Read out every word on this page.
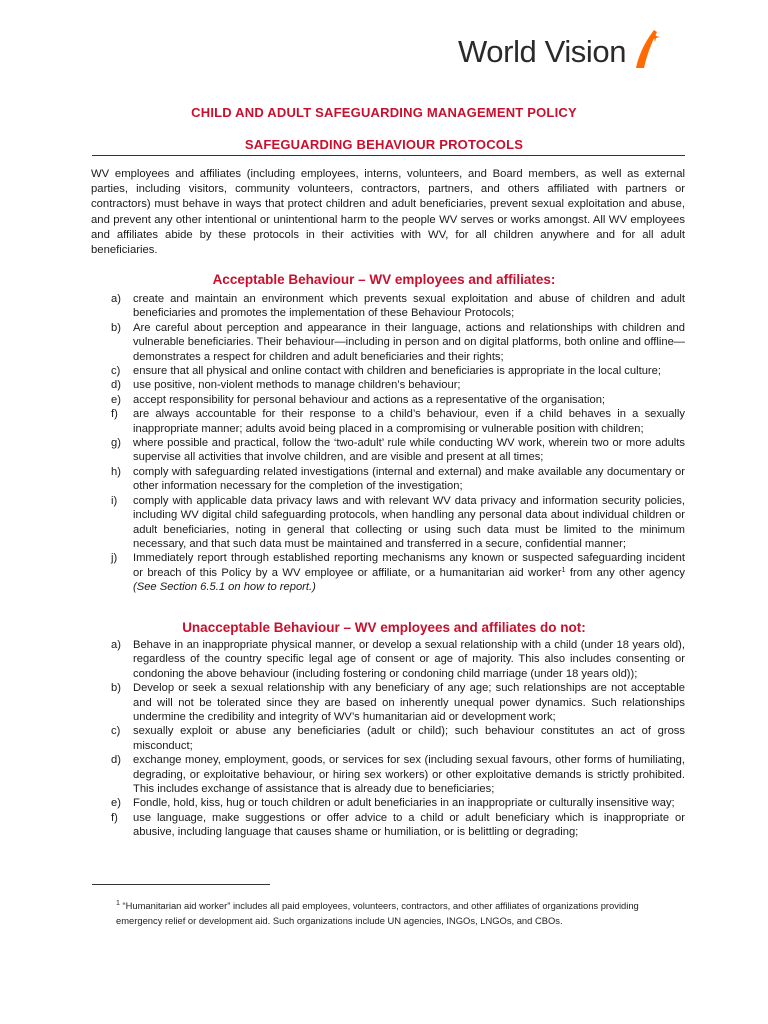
World Vision
CHILD AND ADULT SAFEGUARDING MANAGEMENT POLICY
SAFEGUARDING BEHAVIOUR PROTOCOLS

WV employees and affiliates (including employees, interns, volunteers, and Board members, as well as external parties, including visitors, community volunteers, contractors, partners, and others affiliated with partners or contractors) must behave in ways that protect children and adult beneficiaries, prevent sexual exploitation and abuse, and prevent any other intentional or unintentional harm to the people WV serves or works amongst. All WV employees and affiliates abide by these protocols in their activities with WV, for all children anywhere and for all adult beneficiaries.

Acceptable Behaviour – WV employees and affiliates:
a) create and maintain an environment which prevents sexual exploitation and abuse of children and adult beneficiaries and promotes the implementation of these Behaviour Protocols;
b) Are careful about perception and appearance in their language, actions and relationships with children and vulnerable beneficiaries. Their behaviour—including in person and on digital platforms, both online and offline—demonstrates a respect for children and adult beneficiaries and their rights;
c) ensure that all physical and online contact with children and beneficiaries is appropriate in the local culture;
d) use positive, non-violent methods to manage children’s behaviour;
e) accept responsibility for personal behaviour and actions as a representative of the organisation;
f) are always accountable for their response to a child’s behaviour, even if a child behaves in a sexually inappropriate manner; adults avoid being placed in a compromising or vulnerable position with children;
g) where possible and practical, follow the ‘two-adult’ rule while conducting WV work, wherein two or more adults supervise all activities that involve children, and are visible and present at all times;
h) comply with safeguarding related investigations (internal and external) and make available any documentary or other information necessary for the completion of the investigation;
i) comply with applicable data privacy laws and with relevant WV data privacy and information security policies, including WV digital child safeguarding protocols, when handling any personal data about individual children or adult beneficiaries, noting in general that collecting or using such data must be limited to the minimum necessary, and that such data must be maintained and transferred in a secure, confidential manner;
j) Immediately report through established reporting mechanisms any known or suspected safeguarding incident or breach of this Policy by a WV employee or affiliate, or a humanitarian aid worker$^1$ from any other agency (See Section 6.5.1 on how to report.)
Unacceptable Behaviour – WV employees and affiliates do not:
a) Behave in an inappropriate physical manner, or develop a sexual relationship with a child (under 18 years old), regardless of the country specific legal age of consent or age of majority. This also includes consenting or condoning the above behaviour (including fostering or condoning child marriage (under 18 years old));
b) Develop or seek a sexual relationship with any beneficiary of any age; such relationships are not acceptable and will not be tolerated since they are based on inherently unequal power dynamics. Such relationships undermine the credibility and integrity of WV’s humanitarian aid or development work;
c) sexually exploit or abuse any beneficiaries (adult or child); such behaviour constitutes an act of gross misconduct;
d) exchange money, employment, goods, or services for sex (including sexual favours, other forms of humiliating, degrading, or exploitative behaviour, or hiring sex workers) or other exploitative demands is strictly prohibited. This includes exchange of assistance that is already due to beneficiaries;
e) Fondle, hold, kiss, hug or touch children or adult beneficiaries in an inappropriate or culturally insensitive way;
f) use language, make suggestions or offer advice to a child or adult beneficiary which is inappropriate or abusive, including language that causes shame or humiliation, or is belittling or degrading;
$^1$ “Humanitarian aid worker” includes all paid employees, volunteers, contractors, and other affiliates of organizations providing emergency relief or development aid. Such organizations include UN agencies, INGOs, LNGOs, and CBOs.
